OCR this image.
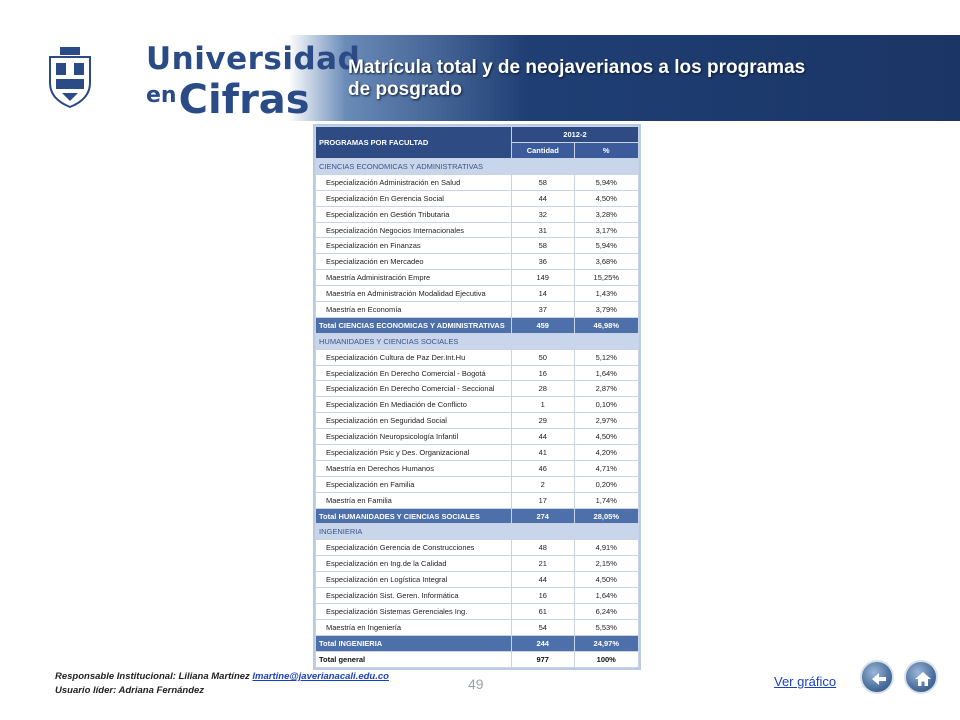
Universidad
enCifras
Matrícula total y de neojaverianos a los programas de posgrado
PROGRAMAS POR FACULTAD	2012-2	
	Cantidad	%
CIENCIAS ECONOMICAS Y ADMINISTRATIVAS		
Especialización Administración en Salud	58	5,94%
Especialización En Gerencia Social	44	4,50%
Especialización en Gestión Tributaria	32	3,28%
Especialización Negocios Internacionales	31	3,17%
Especialización en Finanzas	58	5,94%
Especialización en Mercadeo	36	3,68%
Maestría Administración Empre	149	15,25%
Maestría en Administración Modalidad Ejecutiva	14	1,43%
Maestría en Economía	37	3,79%
Total CIENCIAS ECONOMICAS Y ADMINISTRATIVAS	459	46,98%
HUMANIDADES Y CIENCIAS SOCIALES		
Especialización Cultura de Paz Der.Int.Hu	50	5,12%
Especialización En Derecho Comercial - Bogotá	16	1,64%
Especialización En Derecho Comercial - Seccional	28	2,87%
Especialización En Mediación de Conflicto	1	0,10%
Especialización en Seguridad Social	29	2,97%
Especialización Neuropsicología Infantil	44	4,50%
Especialización Psic y Des. Organizacional	41	4,20%
Maestría en Derechos Humanos	46	4,71%
Especialización en Familia	2	0,20%
Maestría en Familia	17	1,74%
Total HUMANIDADES Y CIENCIAS SOCIALES	274	28,05%
INGENIERIA		
Especialización Gerencia de Construcciones	48	4,91%
Especialización en Ing.de la Calidad	21	2,15%
Especialización en Logística Integral	44	4,50%
Especialización Sist. Geren. Informática	16	1,64%
Especialización Sistemas Gerenciales Ing.	61	6,24%
Maestría en Ingeniería	54	5,53%
Total INGENIERIA	244	24,97%
Total general	977	100%
Responsable Institucional: Liliana Martínez lmartine@javerianacali.edu.co
Usuario líder: Adriana Fernández	49	Ver gráfico
